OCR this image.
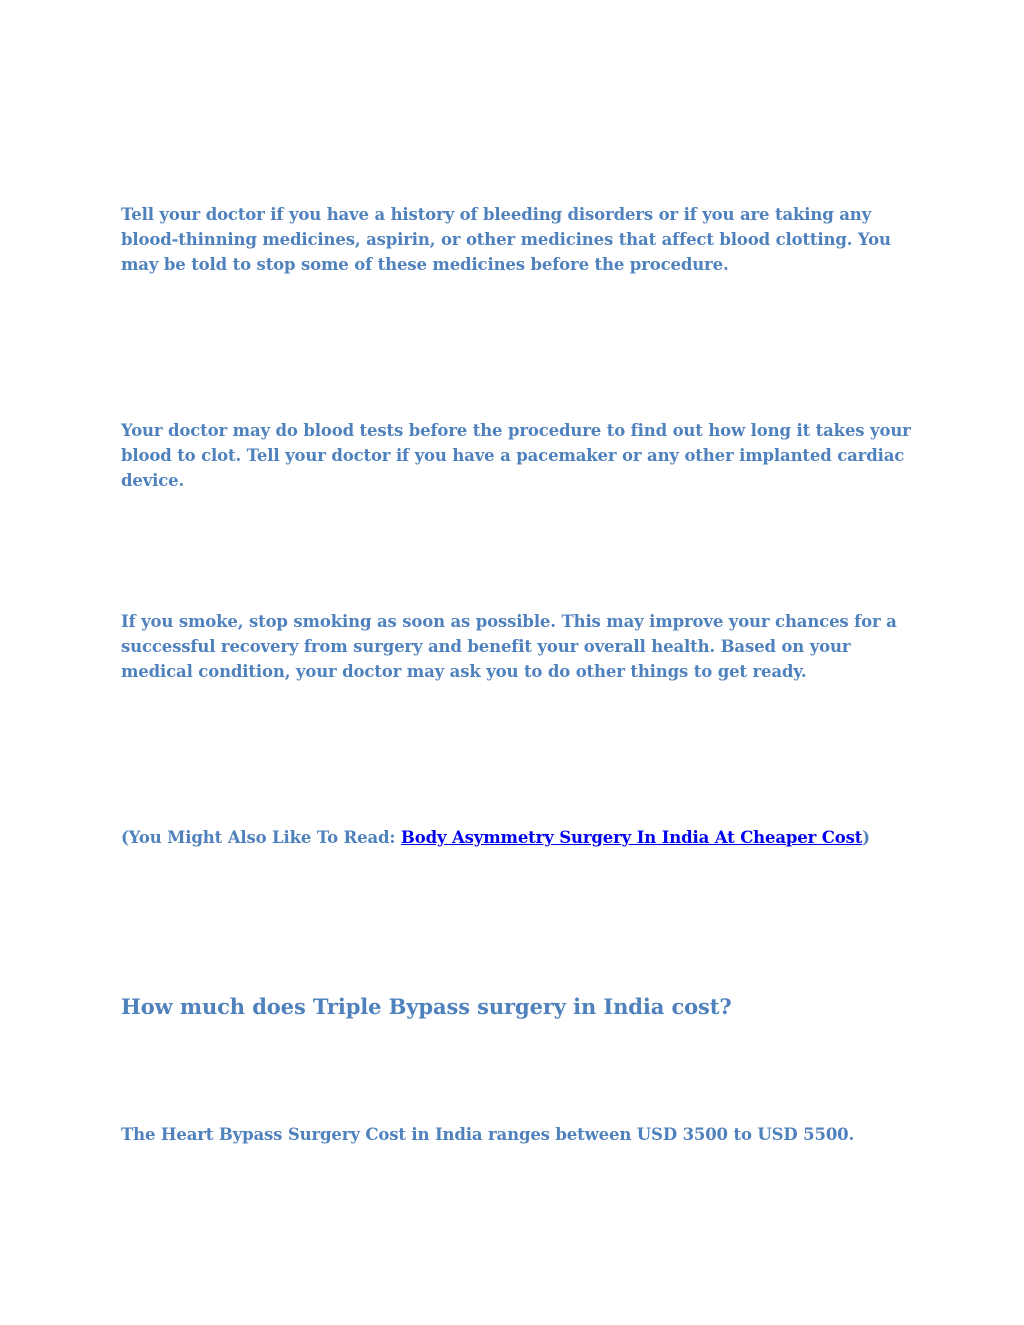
Tell your doctor if you have a history of bleeding disorders or if you are taking any blood-thinning medicines, aspirin, or other medicines that affect blood clotting. You may be told to stop some of these medicines before the procedure.

Your doctor may do blood tests before the procedure to find out how long it takes your blood to clot. Tell your doctor if you have a pacemaker or any other implanted cardiac device.

If you smoke, stop smoking as soon as possible. This may improve your chances for a successful recovery from surgery and benefit your overall health. Based on your medical condition, your doctor may ask you to do other things to get ready.

(You Might Also Like To Read: Body Asymmetry Surgery In India At Cheaper Cost)

How much does Triple Bypass surgery in India cost?

The Heart Bypass Surgery Cost in India ranges between USD 3500 to USD 5500.
